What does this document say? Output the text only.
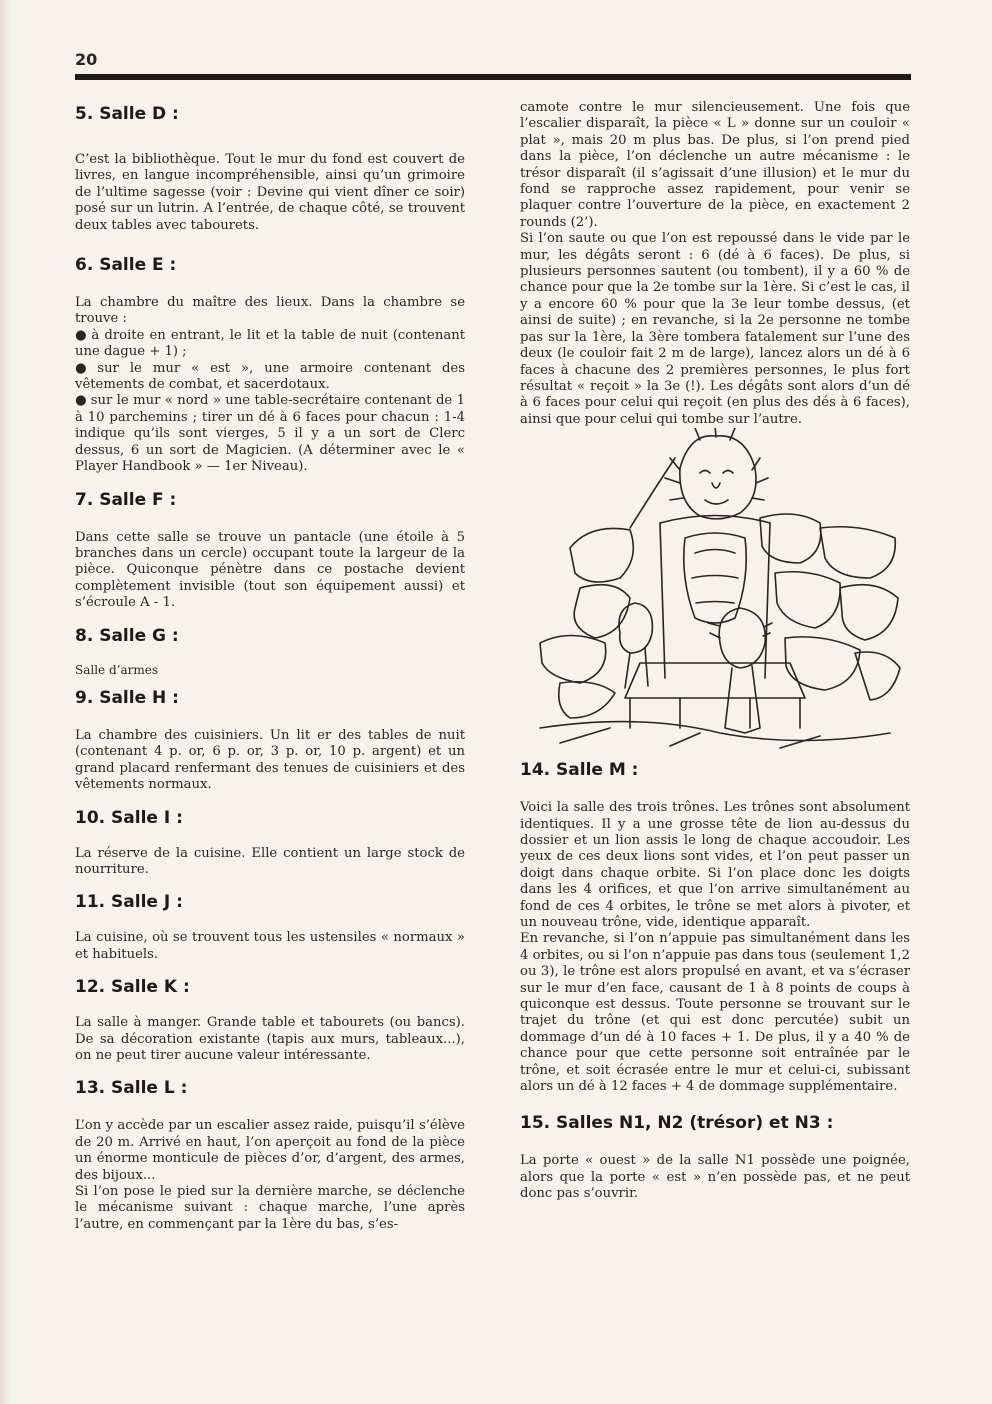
20
5. Salle D :

C’est la bibliothèque. Tout le mur du fond est couvert de livres, en langue incompréhensible, ainsi qu’un grimoire de l’ultime sagesse (voir : Devine qui vient dîner ce soir) posé sur un lutrin. A l’entrée, de chaque côté, se trouvent deux tables avec tabourets.

6. Salle E :

La chambre du maître des lieux. Dans la chambre se trouve :

● à droite en entrant, le lit et la table de nuit (contenant une dague + 1) ;
● sur le mur « est », une armoire contenant des vêtements de combat, et sacerdotaux.
● sur le mur « nord » une table-secrétaire contenant de 1 à 10 parchemins ; tirer un dé à 6 faces pour chacun : 1-4 indique qu’ils sont vierges, 5 il y a un sort de Clerc dessus, 6 un sort de Magicien. (A déterminer avec le « Player Handbook » — 1er Niveau).
7. Salle F :

Dans cette salle se trouve un pantacle (une étoile à 5 branches dans un cercle) occupant toute la largeur de la pièce. Quiconque pénètre dans ce postache devient complètement invisible (tout son équipement aussi) et s’écroule A - 1.

8. Salle G :

Salle d’armes

9. Salle H :

La chambre des cuisiniers. Un lit er des tables de nuit (contenant 4 p. or, 6 p. or, 3 p. or, 10 p. argent) et un grand placard renfermant des tenues de cuisiniers et des vêtements normaux.

10. Salle I :

La réserve de la cuisine. Elle contient un large stock de nourriture.

11. Salle J :

La cuisine, où se trouvent tous les ustensiles « normaux » et habituels.

12. Salle K :

La salle à manger. Grande table et tabourets (ou bancs). De sa décoration existante (tapis aux murs, tableaux...), on ne peut tirer aucune valeur intéressante.

13. Salle L :

L’on y accède par un escalier assez raide, puisqu’il s’élève de 20 m. Arrivé en haut, l’on aperçoit au fond de la pièce un énorme monticule de pièces d’or, d’argent, des armes, des bijoux...

Si l’on pose le pied sur la dernière marche, se déclenche le mécanisme suivant : chaque marche, l’une après l’autre, en commençant par la 1ère du bas, s’es-

camote contre le mur silencieusement. Une fois que l’escalier disparaît, la pièce « L » donne sur un couloir « plat », mais 20 m plus bas. De plus, si l’on prend pied dans la pièce, l’on déclenche un autre mécanisme : le trésor disparaît (il s’agissait d’une illusion) et le mur du fond se rapproche assez rapidement, pour venir se plaquer contre l’ouverture de la pièce, en exactement 2 rounds (2’).

Si l’on saute ou que l’on est repoussé dans le vide par le mur, les dégâts seront : 6 (dé à 6 faces). De plus, si plusieurs personnes sautent (ou tombent), il y a 60 % de chance pour que la 2e tombe sur la 1ère. Si c’est le cas, il y a encore 60 % pour que la 3e leur tombe dessus, (et ainsi de suite) ; en revanche, si la 2e personne ne tombe pas sur la 1ère, la 3ère tombera fatalement sur l’une des deux (le couloir fait 2 m de large), lancez alors un dé à 6 faces à chacune des 2 premières personnes, le plus fort résultat « reçoit » la 3e (!). Les dégâts sont alors d’un dé à 6 faces pour celui qui reçoit (en plus des dés à 6 faces), ainsi que pour celui qui tombe sur l’autre.

14. Salle M :

Voici la salle des trois trônes. Les trônes sont absolument identiques. Il y a une grosse tête de lion au-dessus du dossier et un lion assis le long de chaque accoudoir. Les yeux de ces deux lions sont vides, et l’on peut passer un doigt dans chaque orbite. Si l’on place donc les doigts dans les 4 orifices, et que l’on arrive simultanément au fond de ces 4 orbites, le trône se met alors à pivoter, et un nouveau trône, vide, identique apparaît.

En revanche, si l’on n’appuie pas simultanément dans les 4 orbites, ou si l’on n’appuie pas dans tous (seulement 1,2 ou 3), le trône est alors propulsé en avant, et va s’écraser sur le mur d’en face, causant de 1 à 8 points de coups à quiconque est dessus. Toute personne se trouvant sur le trajet du trône (et qui est donc percutée) subit un dommage d’un dé à 10 faces + 1. De plus, il y a 40 % de chance pour que cette personne soit entraînée par le trône, et soit écrasée entre le mur et celui-ci, subissant alors un dé à 12 faces + 4 de dommage supplémentaire.

15. Salles N1, N2 (trésor) et N3 :

La porte « ouest » de la salle N1 possède une poignée, alors que la porte « est » n’en possède pas, et ne peut donc pas s’ouvrir.
